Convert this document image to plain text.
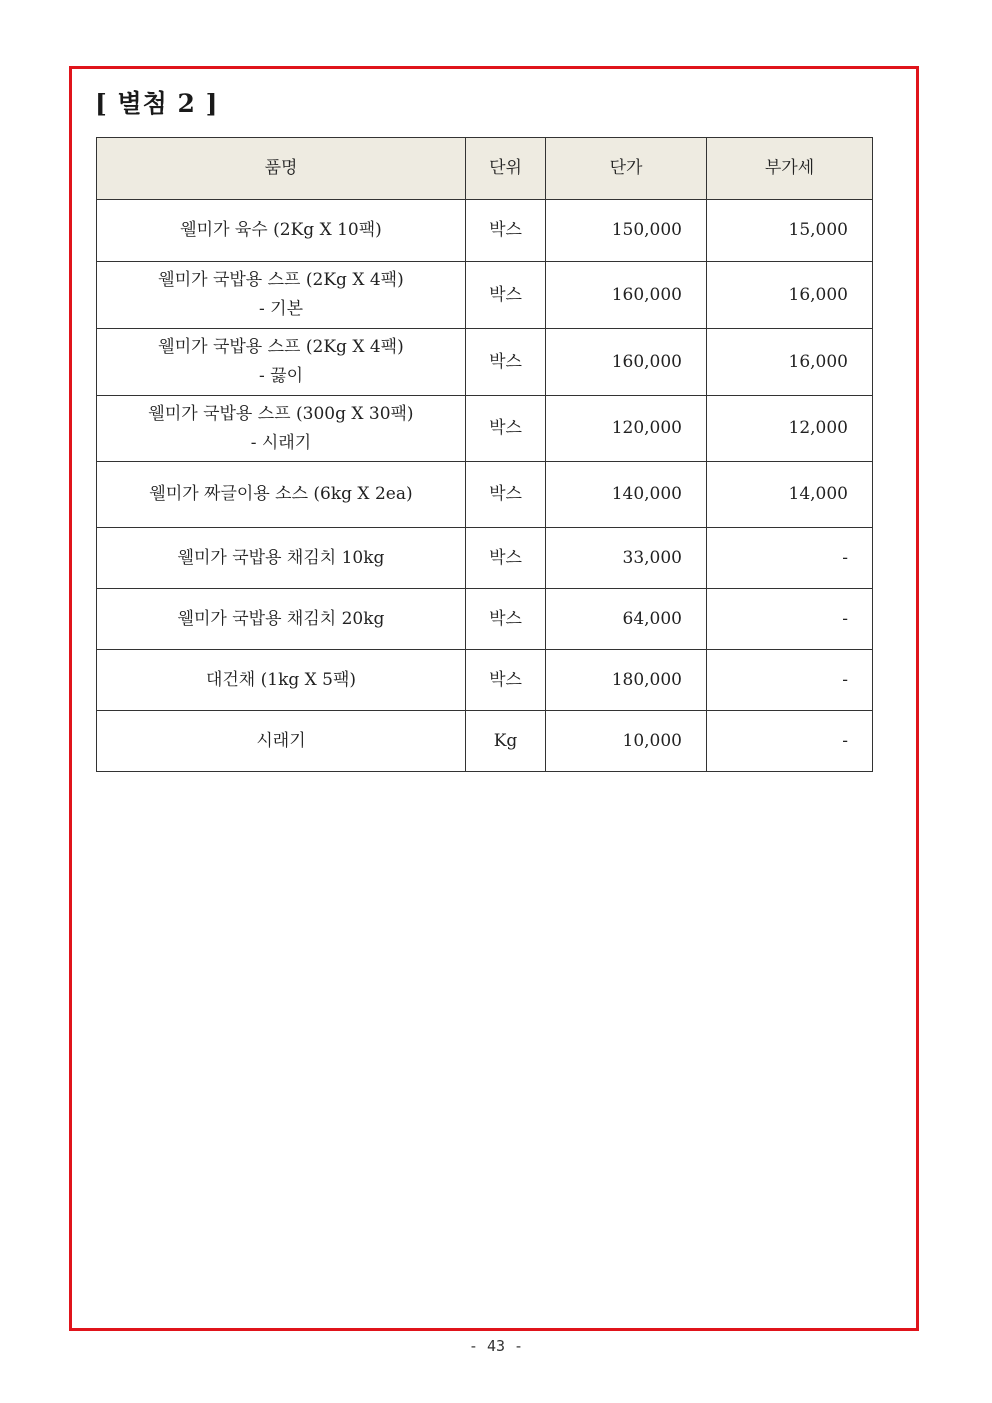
[ 별첨 2 ]
품명	단위	단가	부가세

웰미가 육수 (2Kg X 10팩)	박스	150,000	15,000

웰미가 국밥용 스프 (2Kg X 4팩)
- 기본	박스	160,000	16,000

웰미가 국밥용 스프 (2Kg X 4팩)
- 끓이	박스	160,000	16,000

웰미가 국밥용 스프 (300g X 30팩)
- 시래기	박스	120,000	12,000

웰미가 짜글이용 소스 (6kg X 2ea)	박스	140,000	14,000

웰미가 국밥용 채김치 10kg	박스	33,000	-

웰미가 국밥용 채김치 20kg	박스	64,000	-

대건채 (1kg X 5팩)	박스	180,000	-

시래기	Kg	10,000	-
- 43 -
